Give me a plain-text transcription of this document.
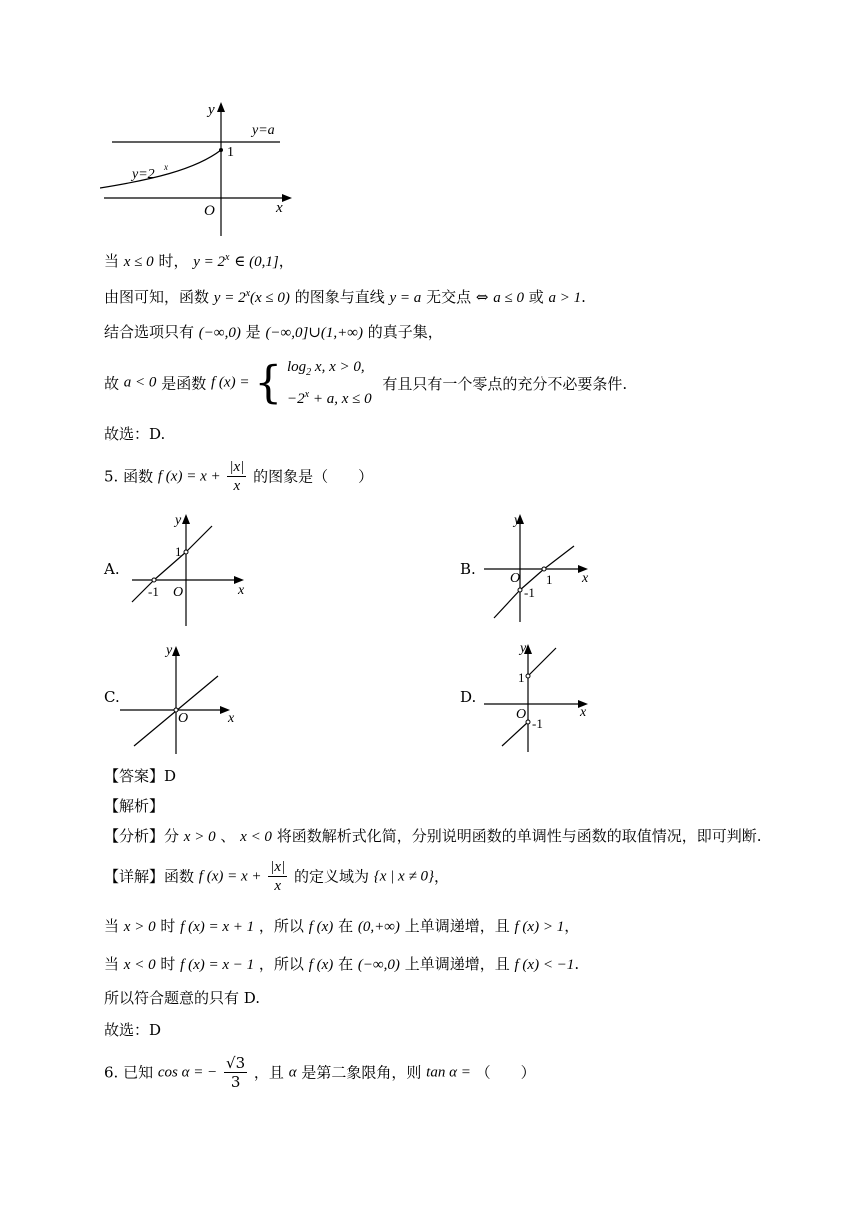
y
y=a
1
y=2 x
O	x
当 x ≤ 0 时， $y = 2^x$ ∈ (0,1]，
由图可知，函数 $y = 2^x(x \le 0)$ 的图象与直线 y = a 无交点 ⇔ a ≤ 0 或 a > 1.
结合选项只有 (−∞,0) 是 (−∞,0]∪(1,+∞) 的真子集，
故 a < 0 是函数 f (x) = { $\log_2 x$, x > 0,
$-2^x + a$, x ≤ 0
有且只有一个零点的充分不必要条件.
故选：D.
5. 函数 f $(x) = x + \frac{|x|}{x}$ 的图象是（　　）
A.
y
1
-1 O	x
B.
y
O 1
-1
x
C.
y
O	x
D.
y
1
O
-1
x
【答案】D
【解析】
【分析】分 x > 0 、 x < 0 将函数解析式化简，分别说明函数的单调性与函数的取值情况，即可判断.
【详解】函数 f $(x) = x + \frac{|x|}{x}$ 的定义域为 {x | x ≠ 0}，
当 x > 0 时 f (x) = x + 1 ，所以 f (x) 在 (0,+∞) 上单调递增，且 f (x) > 1，
当 x < 0 时 f (x) = x − 1 ，所以 f (x) 在 (−∞,0) 上单调递增，且 f (x) < −1.
所以符合题意的只有 D.
故选：D
6. 已知 cos α = − $\frac{√3}{3}$ ，且 α 是第二象限角，则 tan α = （　　）
